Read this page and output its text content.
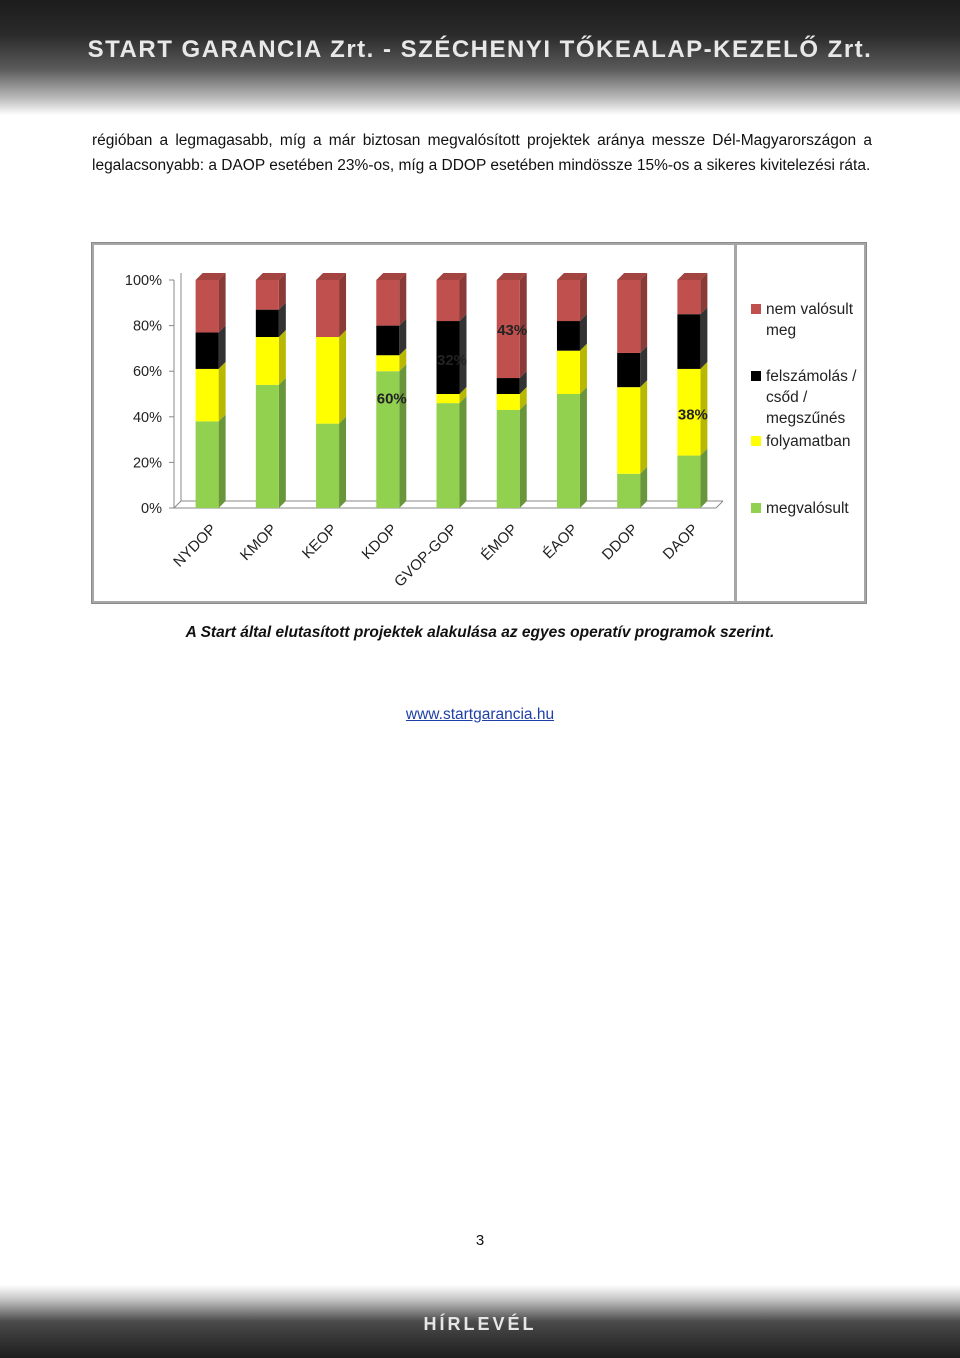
START GARANCIA Zrt. - SZÉCHENYI TŐKEALAP-KEZELŐ Zrt.
régióban a legmagasabb, míg a már biztosan megvalósított projektek aránya messze Dél-Magyarországon a legalacsonyabb: a DAOP esetében 23%-os, míg a DDOP esetében mindössze 15%-os a sikeres kivitelezési ráta.
0%
20%
40%
60%
80%
100%
NYDOP KMOP KEOP KDOP
GVOP-GOP ÉMOP ÉAOP DDOP DAOP
60%
32%
43%
38%
nem valósult meg
felszámolás / csőd / megszűnés
folyamatban
megvalósult
A Start által elutasított projektek alakulása az egyes operatív programok szerint.
www.startgarancia.hu
3
HÍRLEVÉL
